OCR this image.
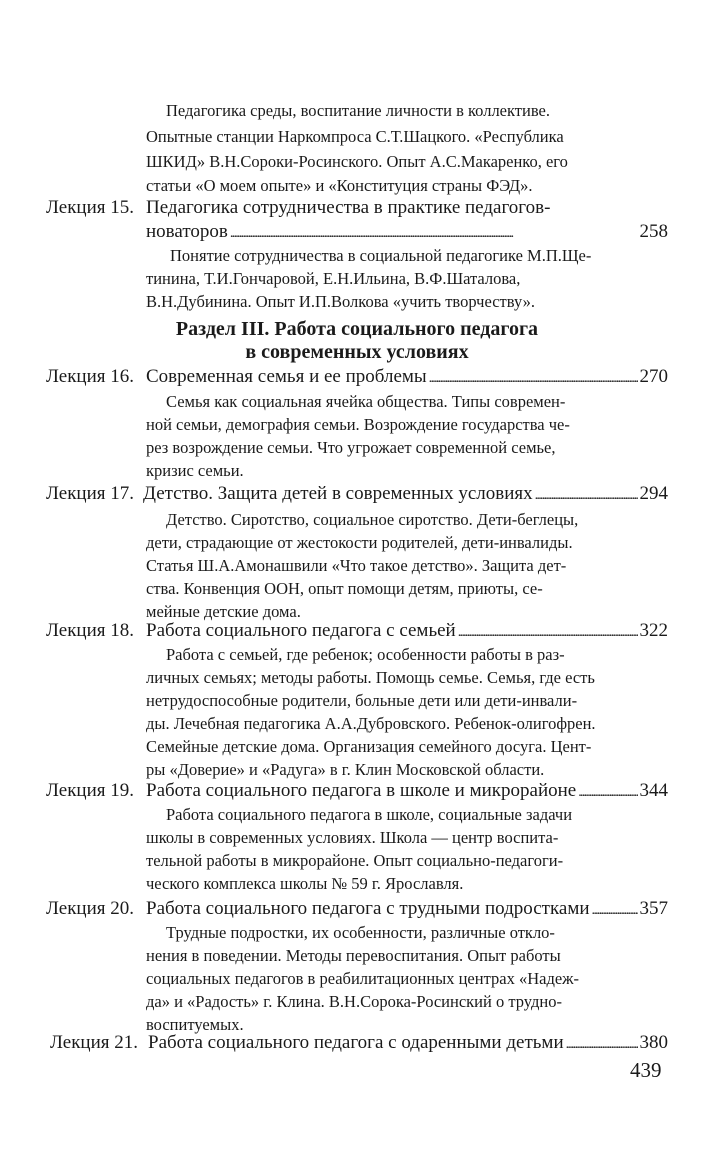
Педагогика среды, воспитание личности в коллективе.
Опытные станции Наркомпроса С.Т.Шацкого. «Республика
ШКИД» В.Н.Сороки-Росинского. Опыт А.С.Макаренко, его
статьи «О моем опыте» и «Конституция страны ФЭД».
Лекция 15. Педагогика сотрудничества в практике педагогов-
новаторов . . .	258
Понятие сотрудничества в социальной педагогике М.П.Ще-
тинина, Т.И.Гончаровой, Е.Н.Ильина, В.Ф.Шаталова,
В.Н.Дубинина. Опыт И.П.Волкова «учить творчеству».
Раздел III. Работа социального педагога
в современных условиях
Лекция 16. Современная семья и ее проблемы . . .	270
Семья как социальная ячейка общества. Типы современ-
ной семьи, демография семьи. Возрождение государства че-
рез возрождение семьи. Что угрожает современной семье,
кризис семьи.
Лекция 17. Детство. Защита детей в современных условиях . . .	294
Детство. Сиротство, социальное сиротство. Дети-беглецы,
дети, страдающие от жестокости родителей, дети-инвалиды.
Статья Ш.А.Амонашвили «Что такое детство». Защита дет-
ства. Конвенция ООН, опыт помощи детям, приюты, се-
мейные детские дома.
Лекция 18. Работа социального педагога с семьей . . .	322
Работа с семьей, где ребенок; особенности работы в раз-
личных семьях; методы работы. Помощь семье. Семья, где есть
нетрудоспособные родители, больные дети или дети-инвали-
ды. Лечебная педагогика А.А.Дубровского. Ребенок-олигофрен.
Семейные детские дома. Организация семейного досуга. Цент-
ры «Доверие» и «Радуга» в г. Клин Московской области.
Лекция 19. Работа социального педагога в школе и микрорайоне . . .	344
Работа социального педагога в школе, социальные задачи
школы в современных условиях. Школа — центр воспита-
тельной работы в микрорайоне. Опыт социально-педагоги-
ческого комплекса школы № 59 г. Ярославля.
Лекция 20. Работа социального педагога с трудными подростками . . .	357
Трудные подростки, их особенности, различные откло-
нения в поведении. Методы перевоспитания. Опыт работы
социальных педагогов в реабилитационных центрах «Надеж-
да» и «Радость» г. Клина. В.Н.Сорока-Росинский о трудно-
воспитуемых.
Лекция 21. Работа социального педагога с одаренными детьми . . .	380
439
